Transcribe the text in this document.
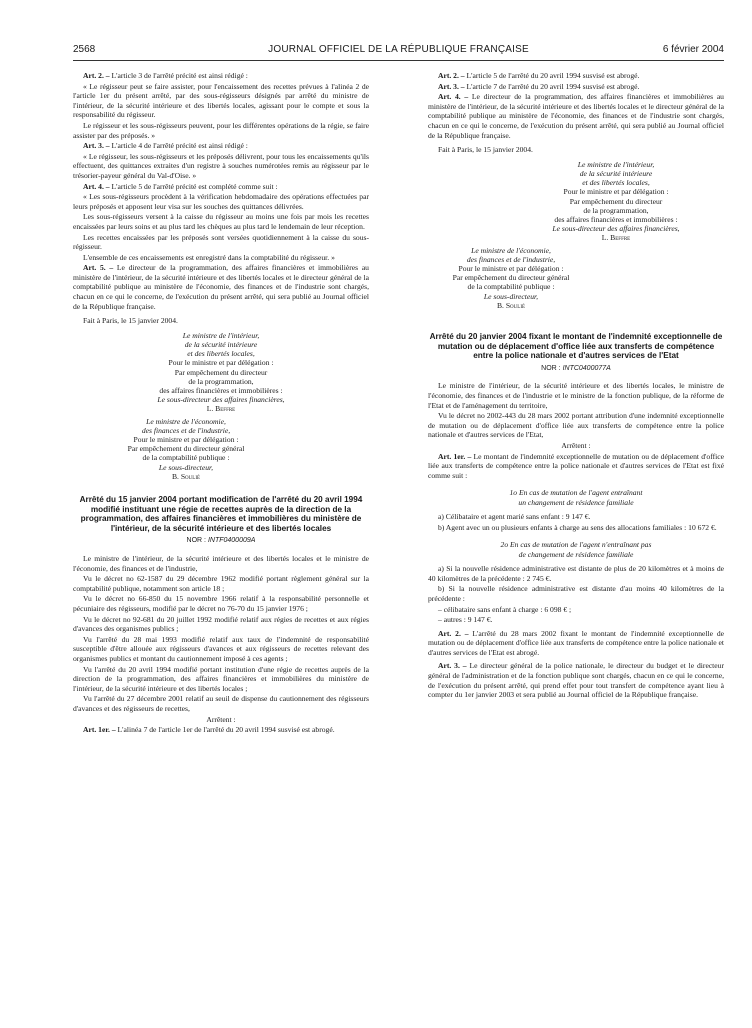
2568	JOURNAL OFFICIEL DE LA RÉPUBLIQUE FRANÇAISE	6 février 2004

Art. 2. – L'article 3 de l'arrêté précité est ainsi rédigé :

« Le régisseur peut se faire assister, pour l'encaissement des recettes prévues à l'alinéa 2 de l'article 1er du présent arrêté, par des sous-régisseurs désignés par arrêté du ministre de l'intérieur, de la sécurité intérieure et des libertés locales, agissant pour le compte et sous la responsabilité du régisseur.

Le régisseur et les sous-régisseurs peuvent, pour les différentes opérations de la régie, se faire assister par des préposés. »

Art. 3. – L'article 4 de l'arrêté précité est ainsi rédigé :

« Le régisseur, les sous-régisseurs et les préposés délivrent, pour tous les encaissements qu'ils effectuent, des quittances extraites d'un registre à souches numérotées remis au régisseur par le trésorier-payeur général du Val-d'Oise. »

Art. 4. – L'article 5 de l'arrêté précité est complété comme suit :

« Les sous-régisseurs procèdent à la vérification hebdomadaire des opérations effectuées par leurs préposés et apposent leur visa sur les souches des quittances délivrées.

Les sous-régisseurs versent à la caisse du régisseur au moins une fois par mois les recettes encaissées par leurs soins et au plus tard les chèques au plus tard le lendemain de leur réception.

Les recettes encaissées par les préposés sont versées quotidiennement à la caisse du sous-régisseur.

L'ensemble de ces encaissements est enregistré dans la comptabilité du régisseur. »

Art. 5. – Le directeur de la programmation, des affaires financières et immobilières au ministère de l'intérieur, de la sécurité intérieure et des libertés locales et le directeur général de la comptabilité publique au ministère de l'économie, des finances et de l'industrie sont chargés, chacun en ce qui le concerne, de l'exécution du présent arrêté, qui sera publié au Journal officiel de la République française.

Fait à Paris, le 15 janvier 2004.

Le ministre de l'intérieur,
de la sécurité intérieure
et des libertés locales,
Pour le ministre et par délégation :
Par empêchement du directeur
de la programmation,
des affaires financières et immobilières :
Le sous-directeur des affaires financières,
L. Beffre
Le ministre de l'économie,
des finances et de l'industrie,
Pour le ministre et par délégation :
Par empêchement du directeur général
de la comptabilité publique :
Le sous-directeur,
B. Soulié
Arrêté du 15 janvier 2004 portant modification de l'arrêté du 20 avril 1994 modifié instituant une régie de recettes auprès de la direction de la programmation, des affaires financières et immobilières du ministère de l'intérieur, de la sécurité intérieure et des libertés locales
NOR : INTF0400009A

Le ministre de l'intérieur, de la sécurité intérieure et des libertés locales et le ministre de l'économie, des finances et de l'industrie,

Vu le décret no 62-1587 du 29 décembre 1962 modifié portant règlement général sur la comptabilité publique, notamment son article 18 ;

Vu le décret no 66-850 du 15 novembre 1966 relatif à la responsabilité personnelle et pécuniaire des régisseurs, modifié par le décret no 76-70 du 15 janvier 1976 ;

Vu le décret no 92-681 du 20 juillet 1992 modifié relatif aux régies de recettes et aux régies d'avances des organismes publics ;

Vu l'arrêté du 28 mai 1993 modifié relatif aux taux de l'indemnité de responsabilité susceptible d'être allouée aux régisseurs d'avances et aux régisseurs de recettes relevant des organismes publics et montant du cautionnement imposé à ces agents ;

Vu l'arrêté du 20 avril 1994 modifié portant institution d'une régie de recettes auprès de la direction de la programmation, des affaires financières et immobilières du ministère de l'intérieur, de la sécurité intérieure et des libertés locales ;

Vu l'arrêté du 27 décembre 2001 relatif au seuil de dispense du cautionnement des régisseurs d'avances et des régisseurs de recettes,

Arrêtent :

Art. 1er. – L'alinéa 7 de l'article 1er de l'arrêté du 20 avril 1994 susvisé est abrogé.

Art. 2. – L'article 5 de l'arrêté du 20 avril 1994 susvisé est abrogé.

Art. 3. – L'article 7 de l'arrêté du 20 avril 1994 susvisé est abrogé.

Art. 4. – Le directeur de la programmation, des affaires financières et immobilières au ministère de l'intérieur, de la sécurité intérieure et des libertés locales et le directeur général de la comptabilité publique au ministère de l'économie, des finances et de l'industrie sont chargés, chacun en ce qui le concerne, de l'exécution du présent arrêté, qui sera publié au Journal officiel de la République française.

Fait à Paris, le 15 janvier 2004.

Le ministre de l'intérieur,
de la sécurité intérieure
et des libertés locales,
Pour le ministre et par délégation :
Par empêchement du directeur
de la programmation,
des affaires financières et immobilières :
Le sous-directeur des affaires financières,
L. Beffre
Le ministre de l'économie,
des finances et de l'industrie,
Pour le ministre et par délégation :
Par empêchement du directeur général
de la comptabilité publique :
Le sous-directeur,
B. Soulié
Arrêté du 20 janvier 2004 fixant le montant de l'indemnité exceptionnelle de mutation ou de déplacement d'office liée aux transferts de compétence entre la police nationale et d'autres services de l'Etat
NOR : INTC0400077A

Le ministre de l'intérieur, de la sécurité intérieure et des libertés locales, le ministre de l'économie, des finances et de l'industrie et le ministre de la fonction publique, de la réforme de l'Etat et de l'aménagement du territoire,

Vu le décret no 2002-443 du 28 mars 2002 portant attribution d'une indemnité exceptionnelle de mutation ou de déplacement d'office liée aux transferts de compétence entre la police nationale et d'autres services de l'Etat,

Arrêtent :

Art. 1er. – Le montant de l'indemnité exceptionnelle de mutation ou de déplacement d'office liée aux transferts de compétence entre la police nationale et d'autres services de l'Etat est fixé comme suit :

1o En cas de mutation de l'agent entraînant
un changement de résidence familiale

a) Célibataire et agent marié sans enfant : 9 147 €.

b) Agent avec un ou plusieurs enfants à charge au sens des allocations familiales : 10 672 €.

2o En cas de mutation de l'agent n'entraînant pas
de changement de résidence familiale

a) Si la nouvelle résidence administrative est distante de plus de 20 kilomètres et à moins de 40 kilomètres de la précédente : 2 745 €.

b) Si la nouvelle résidence administrative est distante d'au moins 40 kilomètres de la précédente :

– célibataire sans enfant à charge : 6 098 € ;

– autres : 9 147 €.

Art. 2. – L'arrêté du 28 mars 2002 fixant le montant de l'indemnité exceptionnelle de mutation ou de déplacement d'office liée aux transferts de compétence entre la police nationale et d'autres services de l'Etat est abrogé.

Art. 3. – Le directeur général de la police nationale, le directeur du budget et le directeur général de l'administration et de la fonction publique sont chargés, chacun en ce qui le concerne, de l'exécution du présent arrêté, qui prend effet pour tout transfert de compétence ayant lieu à compter du 1er janvier 2003 et sera publié au Journal officiel de la République française.
